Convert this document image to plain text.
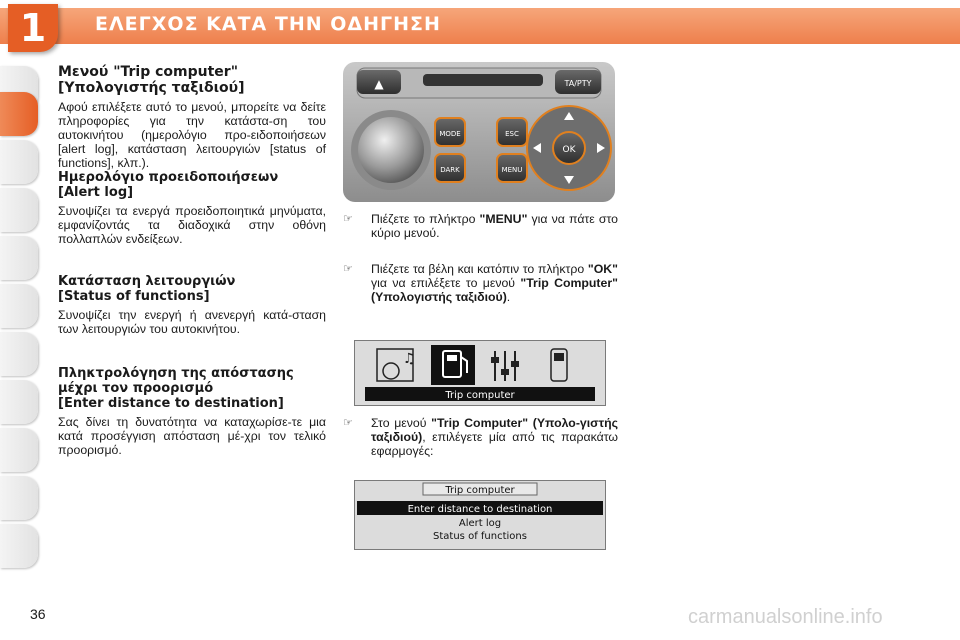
1	ΕΛΕΓΧΟΣ ΚΑΤΑ ΤΗΝ ΟΔΗΓΗΣΗ
Μενού "Trip computer"
[Υπολογιστής ταξιδιού]

Αφού επιλέξετε αυτό το μενού, μπορείτε να δείτε πληροφορίες για την κατάστα-ση του αυτοκινήτου (ημερολόγιο προ-ειδοποιήσεων [alert log], κατάσταση λειτουργιών [status of functions], κλπ.).

Ημερολόγιο προειδοποιήσεων
[Alert log]

Συνοψίζει τα ενεργά προειδοποιητικά μηνύματα, εμφανίζοντάς τα διαδοχικά στην οθόνη πολλαπλών ενδείξεων.

Κατάσταση λειτουργιών
[Status of functions]

Συνοψίζει την ενεργή ή ανενεργή κατά-σταση των λειτουργιών του αυτοκινήτου.

Πληκτρολόγηση της απόστασης
μέχρι τον προορισμό
[Enter distance to destination]

Σας δίνει τη δυνατότητα να καταχωρίσε-τε μια κατά προσέγγιση απόσταση μέ-χρι τον τελικό προορισμό.

▲	TA/PTY
MODE
DARK
ESC
MENU
OK
☞ Πιέζετε το πλήκτρο "MENU" για να πάτε στο κύριο μενού.
☞ Πιέζετε τα βέλη και κατόπιν το πλήκτρο "OK" για να επιλέξετε το μενού "Trip Computer" (Υπολογιστής ταξιδιού).
☞ Στο μενού "Trip Computer" (Υπολο-γιστής ταξιδιού), επιλέγετε μία από τις παρακάτω εφαρμογές:
♫
Trip computer
Trip computer
Enter distance to destination
Alert log
Status of functions
36	carmanualsonline.info
